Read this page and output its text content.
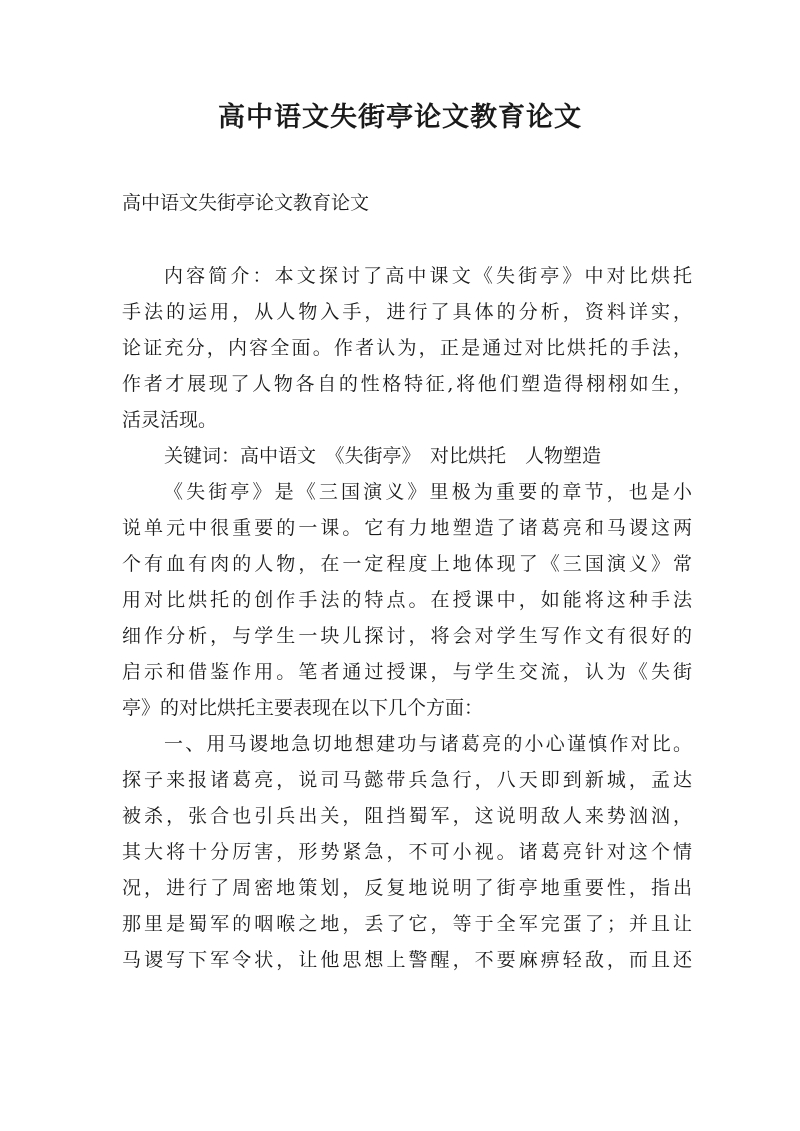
高中语文失街亭论文教育论文

高中语文失街亭论文教育论文

内容简介：本文探讨了高中课文《失街亭》中对比烘托
手法的运用，从人物入手，进行了具体的分析，资料详实，
论证充分，内容全面。作者认为，正是通过对比烘托的手法，
作者才展现了人物各自的性格特征,将他们塑造得栩栩如生，
活灵活现。
关键词：高中语文　《失街亭》　对比烘托　人物塑造
《失街亭》是《三国演义》里极为重要的章节，也是小
说单元中很重要的一课。它有力地塑造了诸葛亮和马谡这两
个有血有肉的人物，在一定程度上地体现了《三国演义》常
用对比烘托的创作手法的特点。在授课中，如能将这种手法
细作分析，与学生一块儿探讨，将会对学生写作文有很好的
启示和借鉴作用。笔者通过授课，与学生交流，认为《失街
亭》的对比烘托主要表现在以下几个方面：
一、用马谡地急切地想建功与诸葛亮的小心谨慎作对比。
探子来报诸葛亮，说司马懿带兵急行，八天即到新城，孟达
被杀，张合也引兵出关，阻挡蜀军，这说明敌人来势汹汹，
其大将十分厉害，形势紧急，不可小视。诸葛亮针对这个情
况，进行了周密地策划，反复地说明了街亭地重要性，指出
那里是蜀军的咽喉之地，丢了它，等于全军完蛋了；并且让
马谡写下军令状，让他思想上警醒，不要麻痹轻敌，而且还
